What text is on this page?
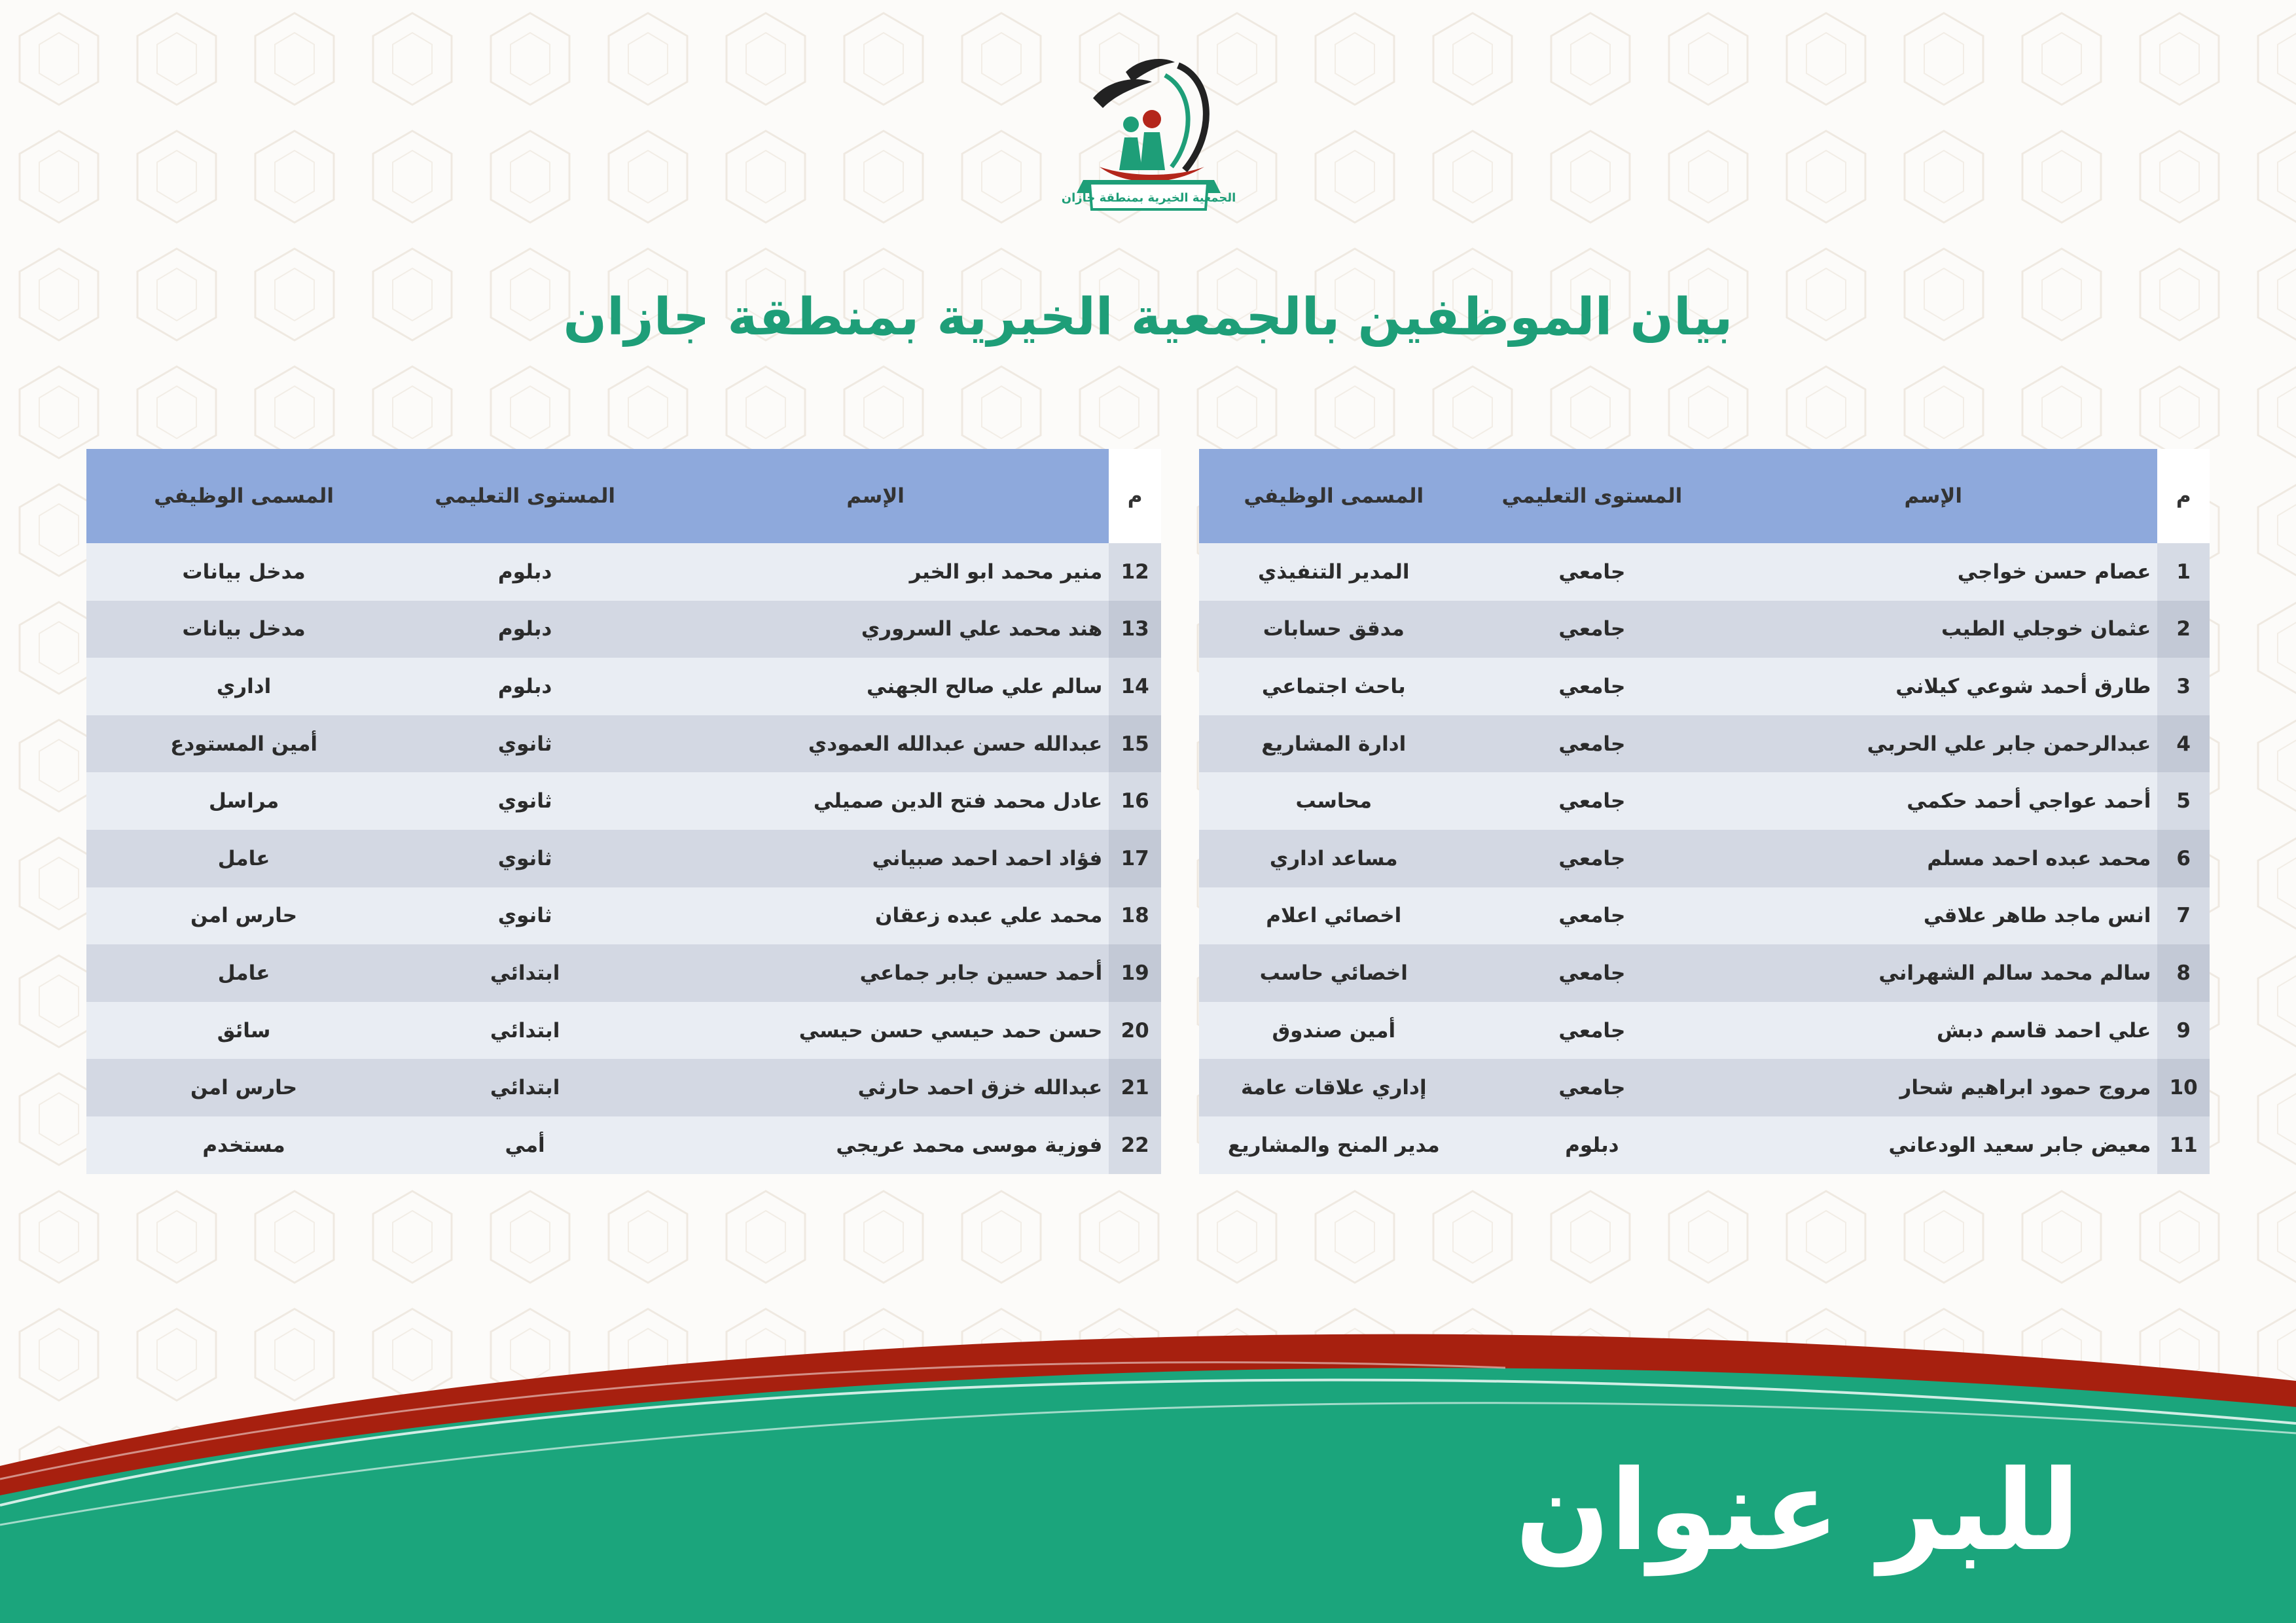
الجمعية الخيرية بمنطقة جازان
بيان الموظفين بالجمعية الخيرية بمنطقة جازان
م	الإسم	المستوى التعليمي	المسمى الوظيفي
1	عصام حسن خواجي	جامعي	المدير التنفيذي
2	عثمان خوجلي الطيب	جامعي	مدقق حسابات
3	طارق أحمد شوعي كيلاني	جامعي	باحث اجتماعي
4	عبدالرحمن جابر علي الحربي	جامعي	ادارة المشاريع
5	أحمد عواجي أحمد حكمي	جامعي	محاسب
6	محمد عبده احمد مسلم	جامعي	مساعد اداري
7	انس ماجد طاهر علاقي	جامعي	اخصائي اعلام
8	سالم محمد سالم الشهراني	جامعي	اخصائي حاسب
9	علي احمد قاسم دبش	جامعي	أمين صندوق
10	مروج حمود ابراهيم شحار	جامعي	إداري علاقات عامة
11	معيض جابر سعيد الودعاني	دبلوم	مدير المنح والمشاريع
م	الإسم	المستوى التعليمي	المسمى الوظيفي
12	منير محمد ابو الخير	دبلوم	مدخل بيانات
13	هند محمد علي السروري	دبلوم	مدخل بيانات
14	سالم علي صالح الجهني	دبلوم	اداري
15	عبدالله حسن عبدالله العمودي	ثانوي	أمين المستودع
16	عادل محمد فتح الدين صميلي	ثانوي	مراسل
17	فؤاد احمد احمد صبياني	ثانوي	عامل
18	محمد علي عبده زعقان	ثانوي	حارس امن
19	أحمد حسين جابر جماعي	ابتدائي	عامل
20	حسن حمد حيسي حسن حيسي	ابتدائي	سائق
21	عبدالله خزق احمد حارثي	ابتدائي	حارس امن
22	فوزية موسى محمد عريجي	أمي	مستخدم
للبر عنوان
